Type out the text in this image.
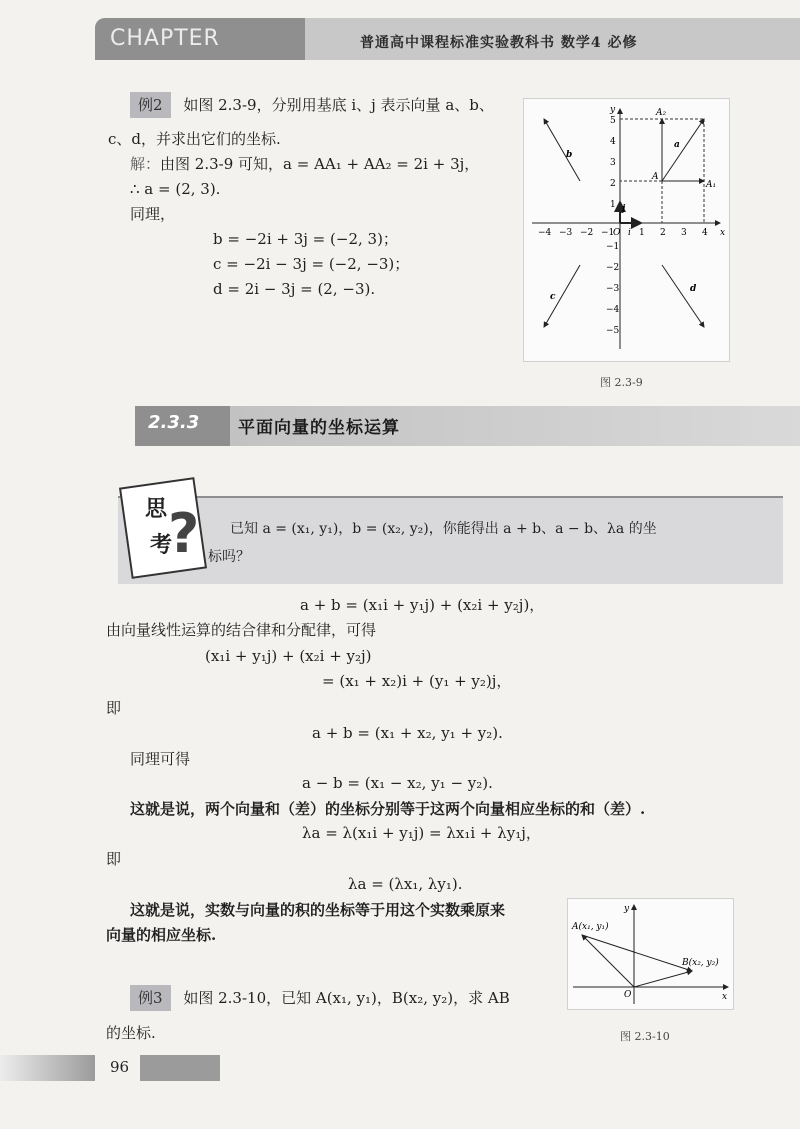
CHAPTER	普通高中课程标准实验教科书 数学4 必修
例2 如图 2.3-9，分别用基底 i、j 表示向量 a、b、
c、d，并求出它们的坐标.
解：由图 2.3-9 可知，a = AA₁ + AA₂ = 2i + 3j，
∴ a = (2, 3).
同理，
b = −2i + 3j = (−2, 3)；
c = −2i − 3j = (−2, −3)；
d = 2i − 3j = (2, −3).
−4 −3 −2 −1
O i 1 2 3 4 x
y
5
4
3
2
1
−1
−2
−3
−4
−5
j
A
A₁
A₂
a
b
c
d
图 2.3-9
2.3.3 平面向量的坐标运算
思
考
? 已知 a = (x₁, y₁)，b = (x₂, y₂)，你能得出 a + b、a − b、λa 的坐
标吗？
a + b = (x₁i + y₁j) + (x₂i + y₂j)，
由向量线性运算的结合律和分配律，可得
(x₁i + y₁j) + (x₂i + y₂j)
= (x₁ + x₂)i + (y₁ + y₂)j，
即
a + b = (x₁ + x₂, y₁ + y₂).
同理可得
a − b = (x₁ − x₂, y₁ − y₂).
这就是说，两个向量和（差）的坐标分别等于这两个向量相应坐标的和（差）.
λa = λ(x₁i + y₁j) = λx₁i + λy₁j，
即
λa = (λx₁, λy₁).
这就是说，实数与向量的积的坐标等于用这个实数乘原来
向量的相应坐标.
例3 如图 2.3-10，已知 A(x₁, y₁)，B(x₂, y₂)，求 AB
的坐标.
A(x₁, y₁)
B(x₂, y₂)
O	x
y
图 2.3-10
96
